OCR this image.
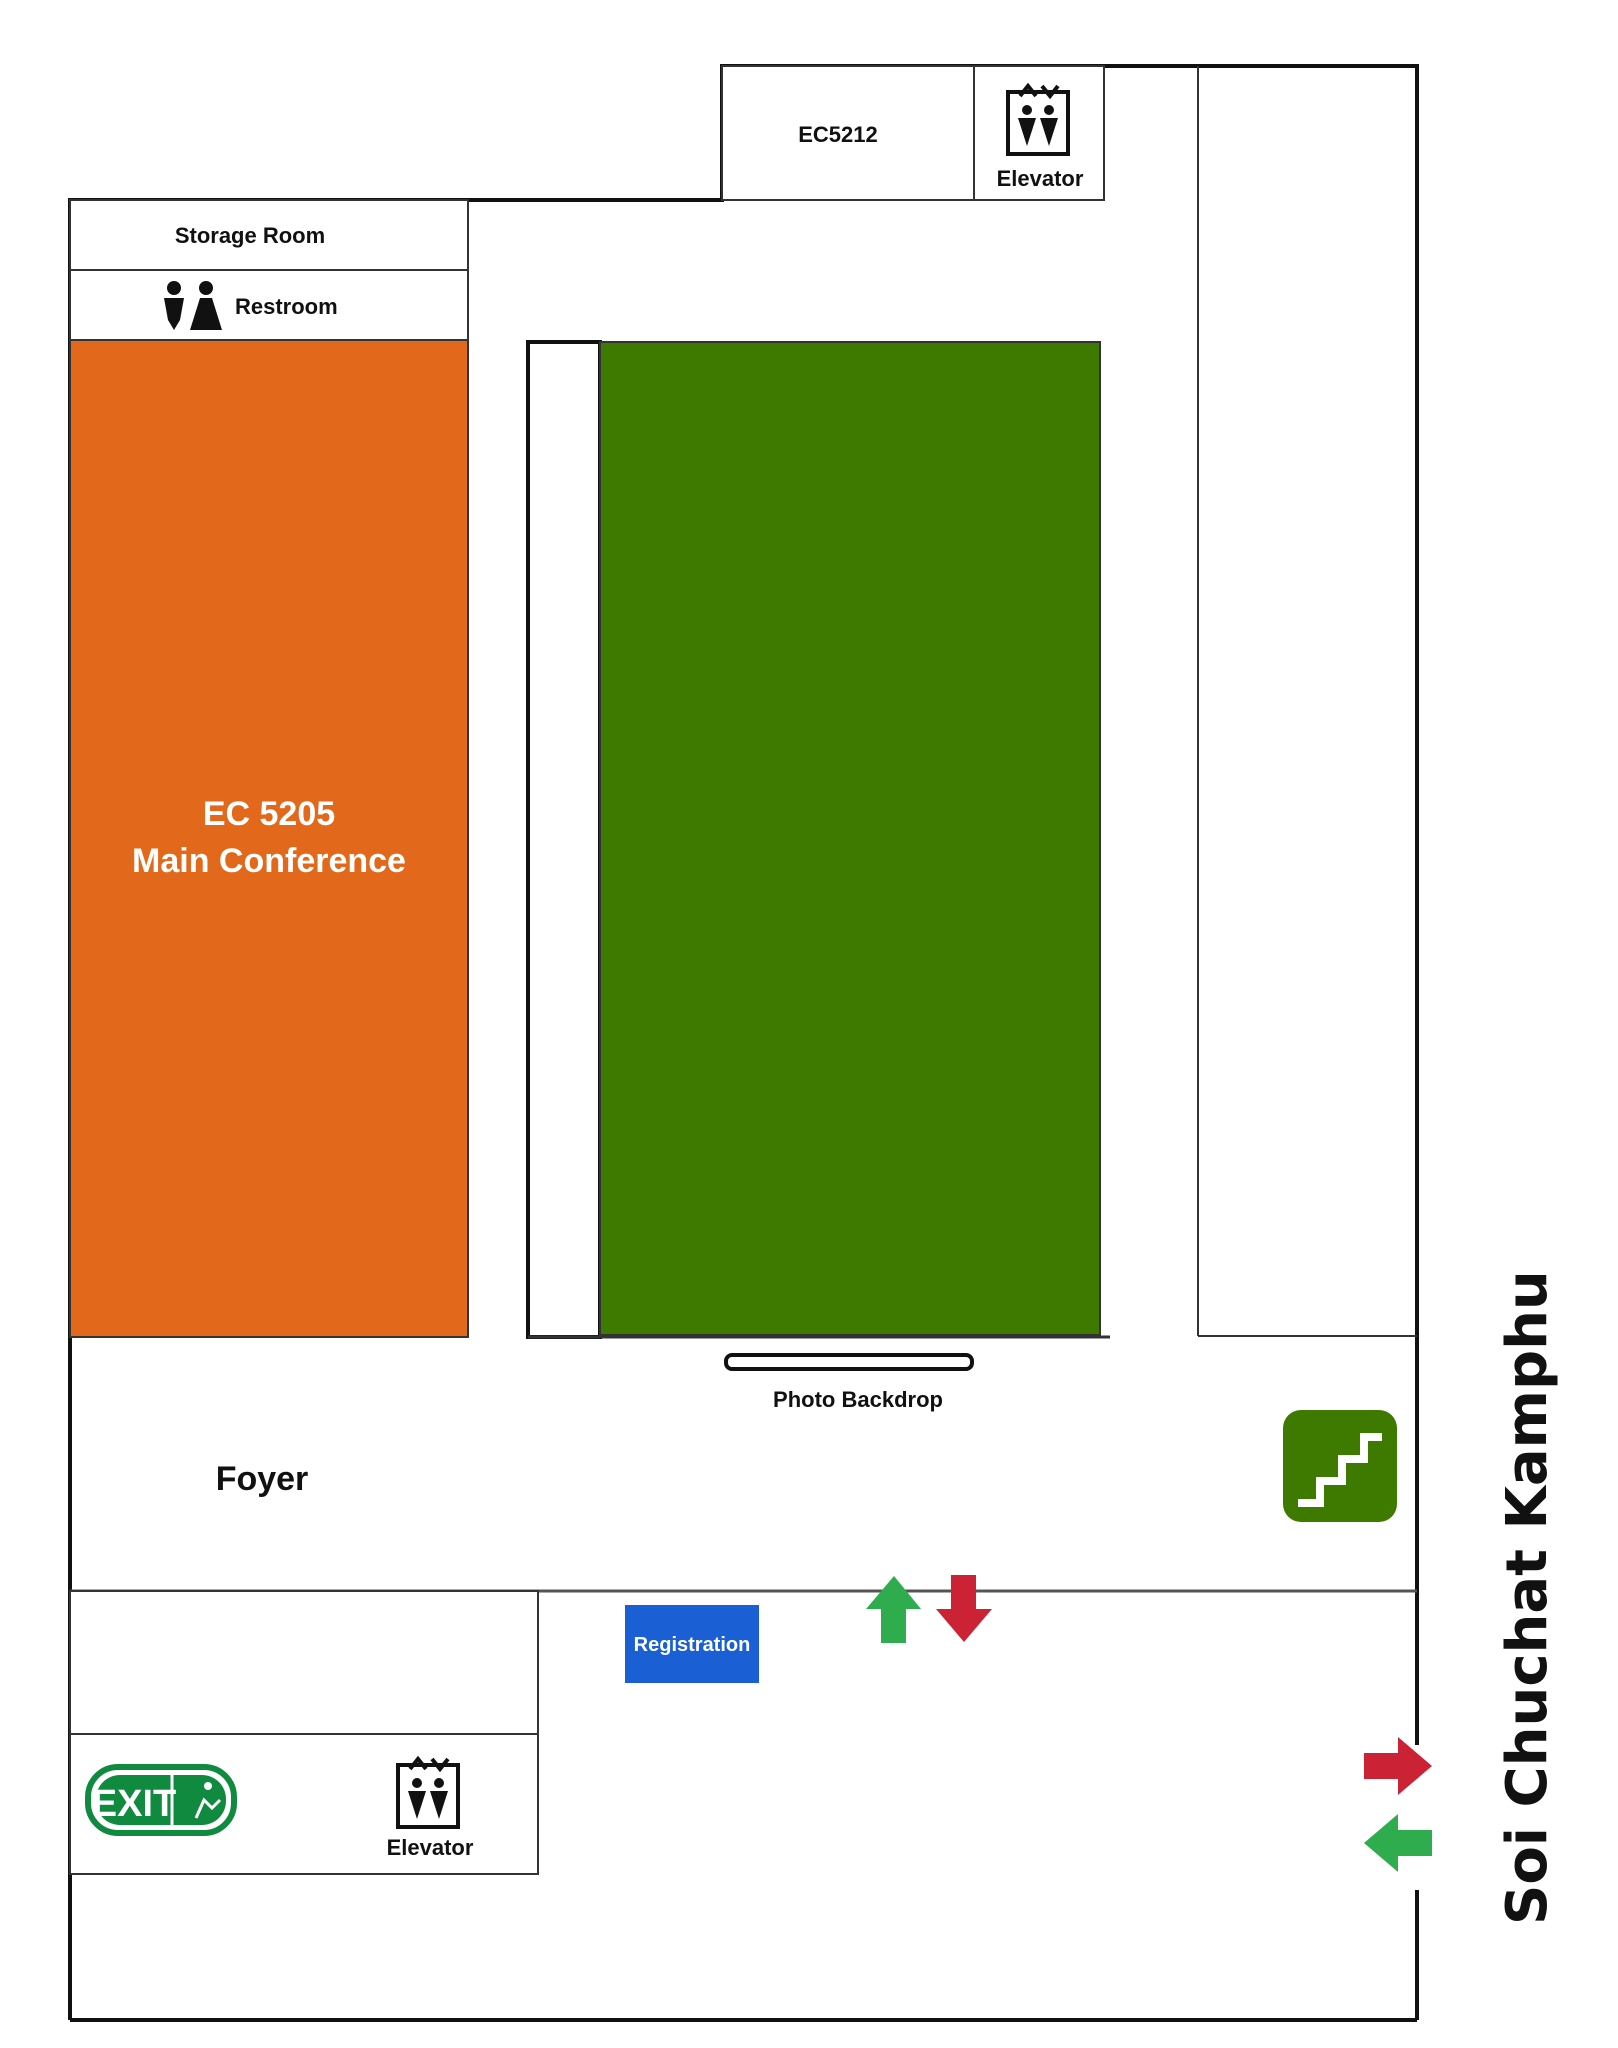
EC5212
Elevator
Storage Room
Restroom
EC 5205
Main Conference
Photo Backdrop
Foyer
EXIT
Elevator
Registration	Soi Chuchat Kamphu
